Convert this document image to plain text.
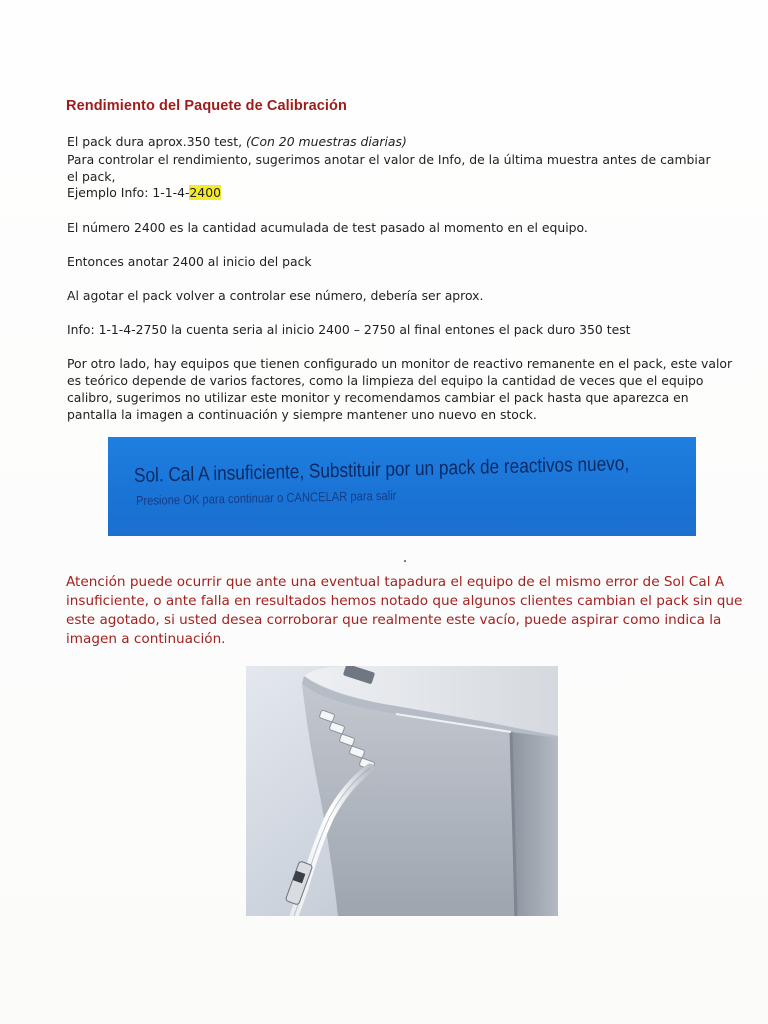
Rendimiento del Paquete de Calibración
El pack dura aprox.350 test, (Con 20 muestras diarias)
Para controlar el rendimiento, sugerimos anotar el valor de Info, de la última muestra antes de cambiar
el pack,
Ejemplo Info: 1-1-4-2400
El número 2400 es la cantidad acumulada de test pasado al momento en el equipo.
Entonces anotar 2400 al inicio del pack
Al agotar el pack volver a controlar ese número, debería ser aprox.
Info: 1-1-4-2750 la cuenta seria al inicio 2400 – 2750 al final entones el pack duro 350 test
Por otro lado, hay equipos que tienen configurado un monitor de reactivo remanente en el pack, este valor es teórico depende de varios factores, como la limpieza del equipo la cantidad de veces que el equipo calibro, sugerimos no utilizar este monitor y recomendamos cambiar el pack hasta que aparezca en pantalla la imagen a continuación y siempre mantener uno nuevo en stock.
Sol. Cal A insuficiente, Substituir por un pack de reactivos nuevo,
Presione OK para continuar o CANCELAR para salir
Atención puede ocurrir que ante una eventual tapadura el equipo de el mismo error de Sol Cal A insuficiente, o ante falla en resultados hemos notado que algunos clientes cambian el pack sin que este agotado, si usted desea corroborar que realmente este vacío, puede aspirar como indica la imagen a continuación.
